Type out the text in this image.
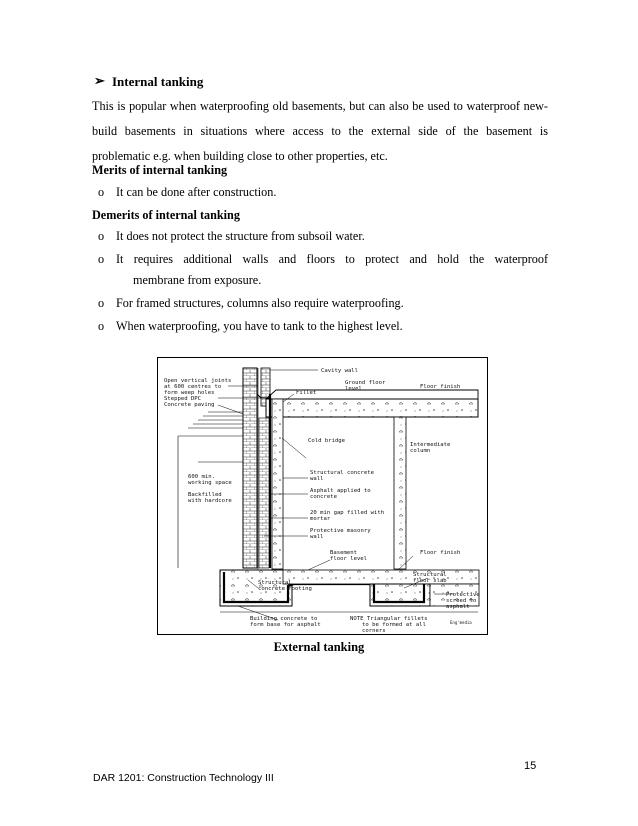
➢ Internal tanking
This is popular when waterproofing old basements, but can also be used to waterproof new-build basements in situations where access to the external side of the basement is problematic e.g. when building close to other properties, etc.
Merits of internal tanking
o It can be done after construction.
Demerits of internal tanking
o It does not protect the structure from subsoil water.
o It requires additional walls and floors to protect and hold the waterproof
membrane from exposure.
o For framed structures, columns also require waterproofing.
o When waterproofing, you have to tank to the highest level.
Cavity wall
Open vertical joints
at 600 centres to
form weep holes
Stepped DPC
Concrete paving
Fillet
Ground floor
level	Floor finish
Cold bridge
Intermediate
column
600 min.
working space
Backfilled
with hardcore
Structural concrete
wall
Asphalt applied to
concrete
20 min gap filled with
mortar
Protective masonry
wall
Basement
floor level
Floor finish
Structural
concrete footing
Structural
floor slab
Protective
screed to
asphalt
Building concrete to
form base for asphalt
NOTE Triangular fillets
to be formed at all
corners
Eng'media
External tanking
15
DAR 1201: Construction Technology III
